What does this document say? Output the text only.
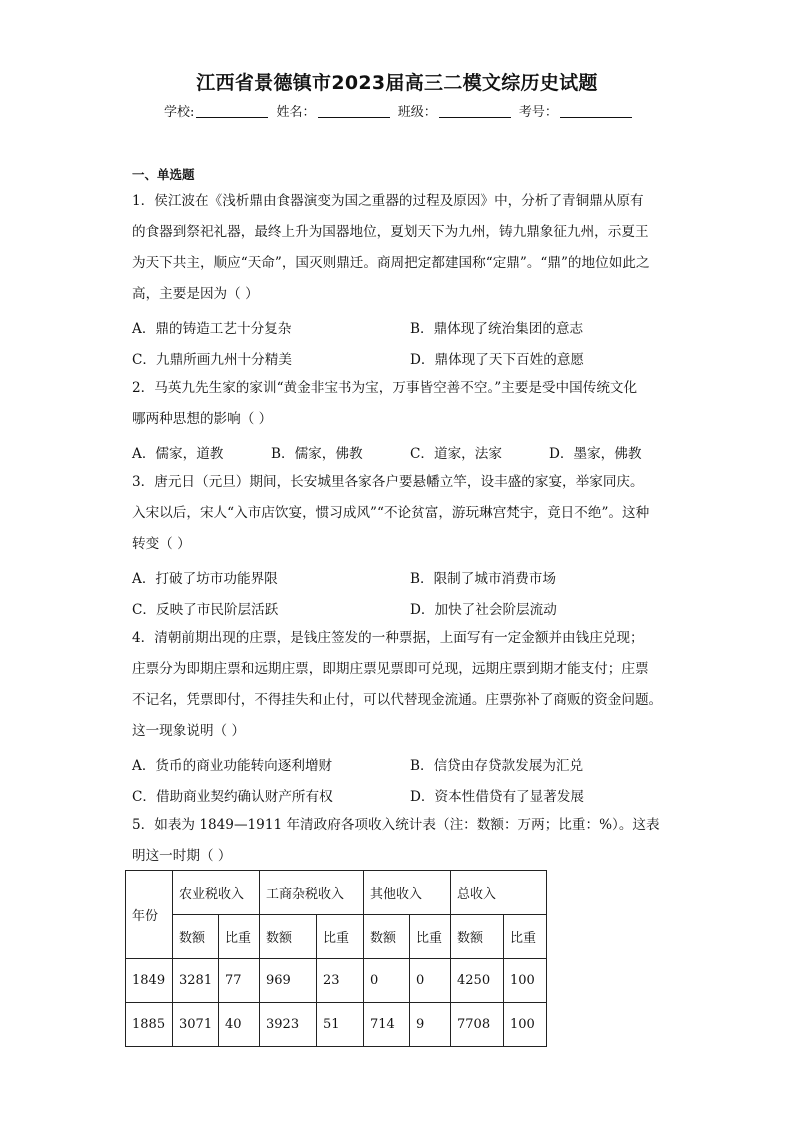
江西省景德镇市2023届高三二模文综历史试题
学校:	姓名：	班级：	考号：
一、单选题
1．侯江波在《浅析鼎由食器演变为国之重器的过程及原因》中，分析了青铜鼎从原有
的食器到祭祀礼器，最终上升为国器地位，夏划天下为九州，铸九鼎象征九州，示夏王
为天下共主，顺应“天命”，国灭则鼎迁。商周把定都建国称“定鼎”。“鼎”的地位如此之
高，主要是因为（ ）
A．鼎的铸造工艺十分复杂	B．鼎体现了统治集团的意志
C．九鼎所画九州十分精美	D．鼎体现了天下百姓的意愿
2．马英九先生家的家训“黄金非宝书为宝，万事皆空善不空。”主要是受中国传统文化
哪两种思想的影响（ ）
A．儒家，道教	B．儒家，佛教	C．道家，法家	D．墨家，佛教
3．唐元日（元旦）期间，长安城里各家各户要悬幡立竿，设丰盛的家宴，举家同庆。
入宋以后，宋人“入市店饮宴，惯习成风”“不论贫富，游玩琳宫梵宇，竟日不绝”。这种
转变（ ）
A．打破了坊市功能界限	B．限制了城市消费市场
C．反映了市民阶层活跃	D．加快了社会阶层流动
4．清朝前期出现的庄票，是钱庄签发的一种票据，上面写有一定金额并由钱庄兑现；
庄票分为即期庄票和远期庄票，即期庄票见票即可兑现，远期庄票到期才能支付；庄票
不记名，凭票即付，不得挂失和止付，可以代替现金流通。庄票弥补了商贩的资金问题。
这一现象说明（ ）
A．货币的商业功能转向逐利增财	B．信贷由存贷款发展为汇兑
C．借助商业契约确认财产所有权	D．资本性借贷有了显著发展
5．如表为 1849—1911 年清政府各项收入统计表（注：数额：万两；比重：%）。这表
明这一时期（ ）
年份	农业税收入		工商杂税收入		其他收入		总收入	
	数额	比重	数额	比重	数额	比重	数额	比重
1849	3281	77	969	23	0	0	4250	100
1885	3071	40	3923	51	714	9	7708	100
